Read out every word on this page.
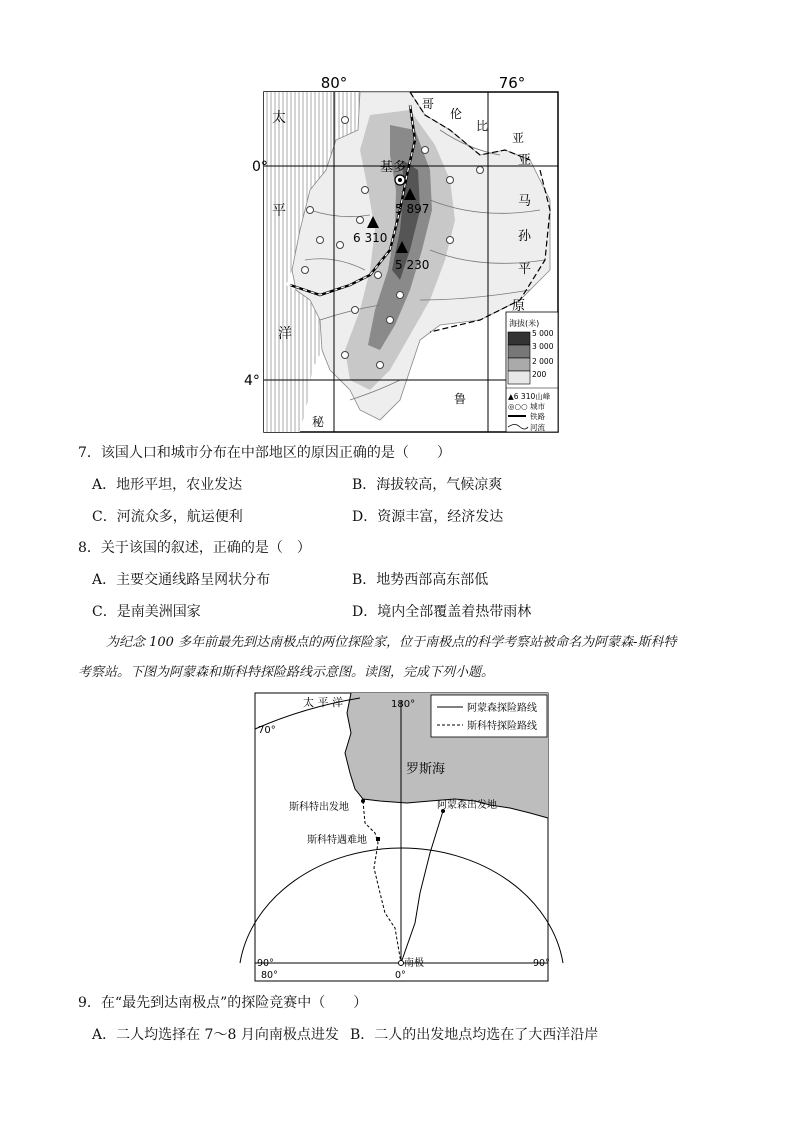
80°	76°
0°
4°
太
平
洋
哥
伦
比
亚
亚
马
孙
平
原
秘
鲁
基多
5 897
6 310
5 230
海拔(米)
5 000
3 000
2 000
200
▲6 310山峰
◎○○ 城市
铁路
河流
7．该国人口和城市分布在中部地区的原因正确的是（　　）
A．地形平坦，农业发达	B．海拔较高，气候凉爽
C．河流众多，航运便利	D．资源丰富，经济发达
8．关于该国的叙述，正确的是（　）
A．主要交通线路呈网状分布	B．地势西部高东部低
C．是南美洲国家	D．境内全部覆盖着热带雨林
为纪念 100 多年前最先到达南极点的两位探险家，位于南极点的科学考察站被命名为阿蒙森-斯科特
考察站。下图为阿蒙森和斯科特探险路线示意图。读图，完成下列小题。
太 平 洋
70°
180°	阿蒙森探险路线
斯科特探险路线
罗斯海
斯科特出发地	阿蒙森出发地
斯科特遇难地
南极
90°
80°	0°
90°
9．在“最先到达南极点”的探险竞赛中（　　）
A．二人均选择在 7～8 月向南极点进发 B．二人的出发地点均选在了大西洋沿岸
